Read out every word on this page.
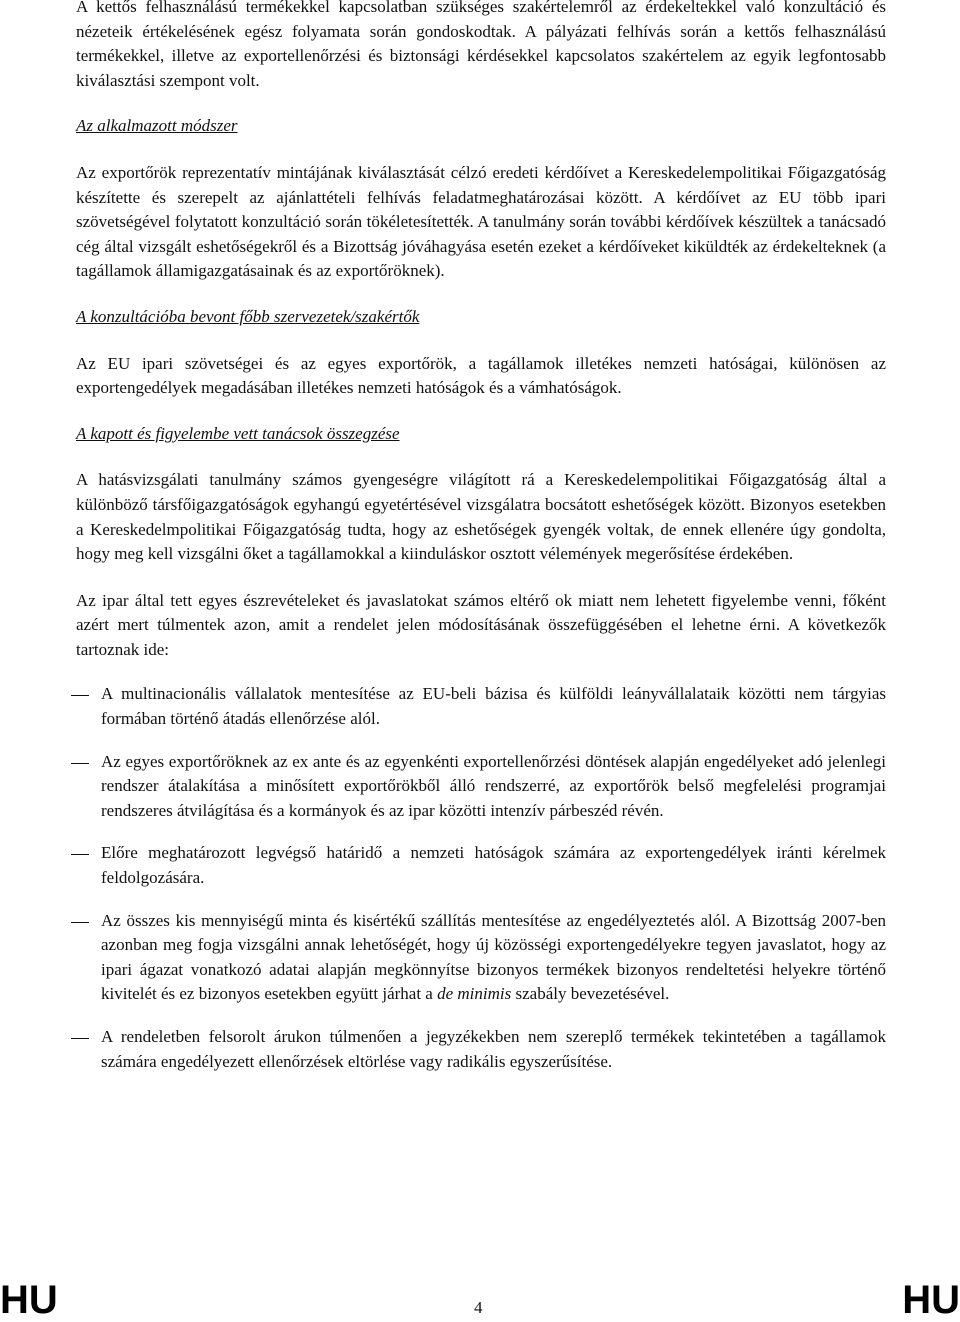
A kettős felhasználású termékekkel kapcsolatban szükséges szakértelemről az érdekeltekkel való konzultáció és nézeteik értékelésének egész folyamata során gondoskodtak. A pályázati felhívás során a kettős felhasználású termékekkel, illetve az exportellenőrzési és biztonsági kérdésekkel kapcsolatos szakértelem az egyik legfontosabb kiválasztási szempont volt.

Az alkalmazott módszer

Az exportőrök reprezentatív mintájának kiválasztását célzó eredeti kérdőívet a Kereskedelempolitikai Főigazgatóság készítette és szerepelt az ajánlattételi felhívás feladatmeghatározásai között. A kérdőívet az EU több ipari szövetségével folytatott konzultáció során tökéletesítették. A tanulmány során további kérdőívek készültek a tanácsadó cég által vizsgált eshetőségekről és a Bizottság jóváhagyása esetén ezeket a kérdőíveket kiküldték az érdekelteknek (a tagállamok államigazgatásainak és az exportőröknek).

A konzultációba bevont főbb szervezetek/szakértők

Az EU ipari szövetségei és az egyes exportőrök, a tagállamok illetékes nemzeti hatóságai, különösen az exportengedélyek megadásában illetékes nemzeti hatóságok és a vámhatóságok.

A kapott és figyelembe vett tanácsok összegzése

A hatásvizsgálati tanulmány számos gyengeségre világított rá a Kereskedelempolitikai Főigazgatóság által a különböző társfőigazgatóságok egyhangú egyetértésével vizsgálatra bocsátott eshetőségek között. Bizonyos esetekben a Kereskedelmpolitikai Főigazgatóság tudta, hogy az eshetőségek gyengék voltak, de ennek ellenére úgy gondolta, hogy meg kell vizsgálni őket a tagállamokkal a kiinduláskor osztott vélemények megerősítése érdekében.

Az ipar által tett egyes észrevételeket és javaslatokat számos eltérő ok miatt nem lehetett figyelembe venni, főként azért mert túlmentek azon, amit a rendelet jelen módosításának összefüggésében el lehetne érni. A következők tartoznak ide:

A multinacionális vállalatok mentesítése az EU-beli bázisa és külföldi leányvállalataik közötti nem tárgyias formában történő átadás ellenőrzése alól.

Az egyes exportőröknek az ex ante és az egyenkénti exportellenőrzési döntések alapján engedélyeket adó jelenlegi rendszer átalakítása a minősített exportőrökből álló rendszerré, az exportőrök belső megfelelési programjai rendszeres átvilágítása és a kormányok és az ipar közötti intenzív párbeszéd révén.

Előre meghatározott legvégső határidő a nemzeti hatóságok számára az exportengedélyek iránti kérelmek feldolgozására.

Az összes kis mennyiségű minta és kisértékű szállítás mentesítése az engedélyeztetés alól. A Bizottság 2007-ben azonban meg fogja vizsgálni annak lehetőségét, hogy új közösségi exportengedélyekre tegyen javaslatot, hogy az ipari ágazat vonatkozó adatai alapján megkönnyítse bizonyos termékek bizonyos rendeltetési helyekre történő kivitelét és ez bizonyos esetekben együtt járhat a de minimis szabály bevezetésével.

A rendeletben felsorolt árukon túlmenően a jegyzékekben nem szereplő termékek tekintetében a tagállamok számára engedélyezett ellenőrzések eltörlése vagy radikális egyszerűsítése.

HU	4	HU
